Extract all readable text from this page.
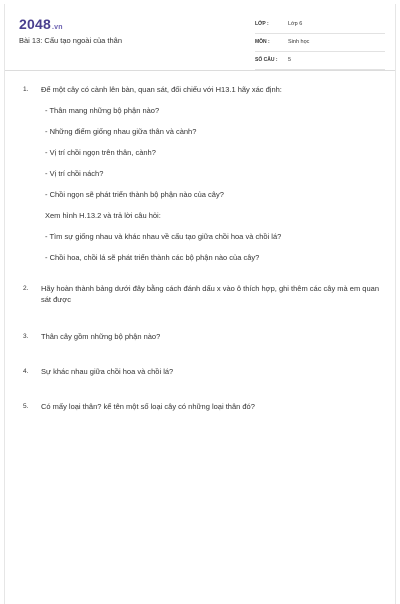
2048.vn
Bài 13: Cấu tạo ngoài của thân
LỚP :	Lớp 6
MÔN :	Sinh học
SỐ CÂU : 5
1. Để một cây có cành lên bàn, quan sát, đối chiếu với H13.1 hãy xác định:
- Thân mang những bộ phận nào?
- Những điểm giống nhau giữa thân và cành?
- Vị trí chồi ngọn trên thân, cành?
- Vị trí chồi nách?
- Chồi ngọn sẽ phát triển thành bộ phận nào của cây?
Xem hình H.13.2 và trả lời câu hỏi:
- Tìm sự giống nhau và khác nhau về cấu tạo giữa chồi hoa và chồi lá?
- Chồi hoa, chồi lá sẽ phát triển thành các bộ phận nào của cây?
2. Hãy hoàn thành bảng dưới đây bằng cách đánh dấu x vào ô thích hợp, ghi thêm các cây mà em quan sát được
3. Thân cây gồm những bộ phận nào?
4. Sự khác nhau giữa chồi hoa và chồi lá?
5. Có mấy loại thân? kể tên một số loại cây có những loại thân đó?
